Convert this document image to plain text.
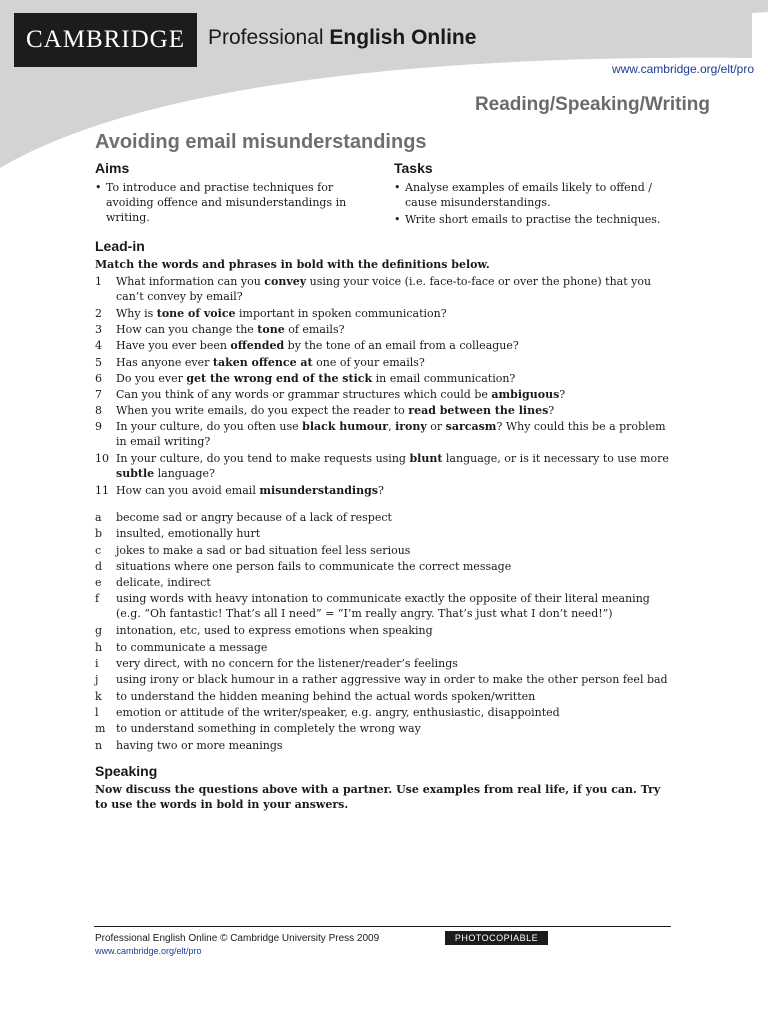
CAMBRIDGE Professional English Online
www.cambridge.org/elt/pro
Reading/Speaking/Writing
Avoiding email misunderstandings
Aims
• To introduce and practise techniques for avoiding offence and misunderstandings in writing.
Tasks
• Analyse examples of emails likely to offend / cause misunderstandings.
• Write short emails to practise the techniques.
Lead-in
Match the words and phrases in bold with the definitions below.
1	What information can you convey using your voice (i.e. face-to-face or over the phone) that you can’t convey by email?
2	Why is tone of voice important in spoken communication?
3	How can you change the tone of emails?
4	Have you ever been offended by the tone of an email from a colleague?
5	Has anyone ever taken offence at one of your emails?
6	Do you ever get the wrong end of the stick in email communication?
7	Can you think of any words or grammar structures which could be ambiguous?
8	When you write emails, do you expect the reader to read between the lines?
9	In your culture, do you often use black humour, irony or sarcasm? Why could this be a problem in email writing?
10 In your culture, do you tend to make requests using blunt language, or is it necessary to use more subtle language?
11 How can you avoid email misunderstandings?
a	become sad or angry because of a lack of respect
b	insulted, emotionally hurt
c	jokes to make a sad or bad situation feel less serious
d	situations where one person fails to communicate the correct message
e	delicate, indirect
f	using words with heavy intonation to communicate exactly the opposite of their literal meaning (e.g. “Oh fantastic! That’s all I need” = “I’m really angry. That’s just what I don’t need!”)
g	intonation, etc, used to express emotions when speaking
h	to communicate a message
i	very direct, with no concern for the listener/reader’s feelings
j	using irony or black humour in a rather aggressive way in order to make the other person feel bad
k	to understand the hidden meaning behind the actual words spoken/written
l	emotion or attitude of the writer/speaker, e.g. angry, enthusiastic, disappointed
m to understand something in completely the wrong way
n	having two or more meanings
Speaking
Now discuss the questions above with a partner. Use examples from real life, if you can. Try to use the words in bold in your answers.
Professional English Online © Cambridge University Press 2009	PHOTOCOPIABLE
www.cambridge.org/elt/pro
